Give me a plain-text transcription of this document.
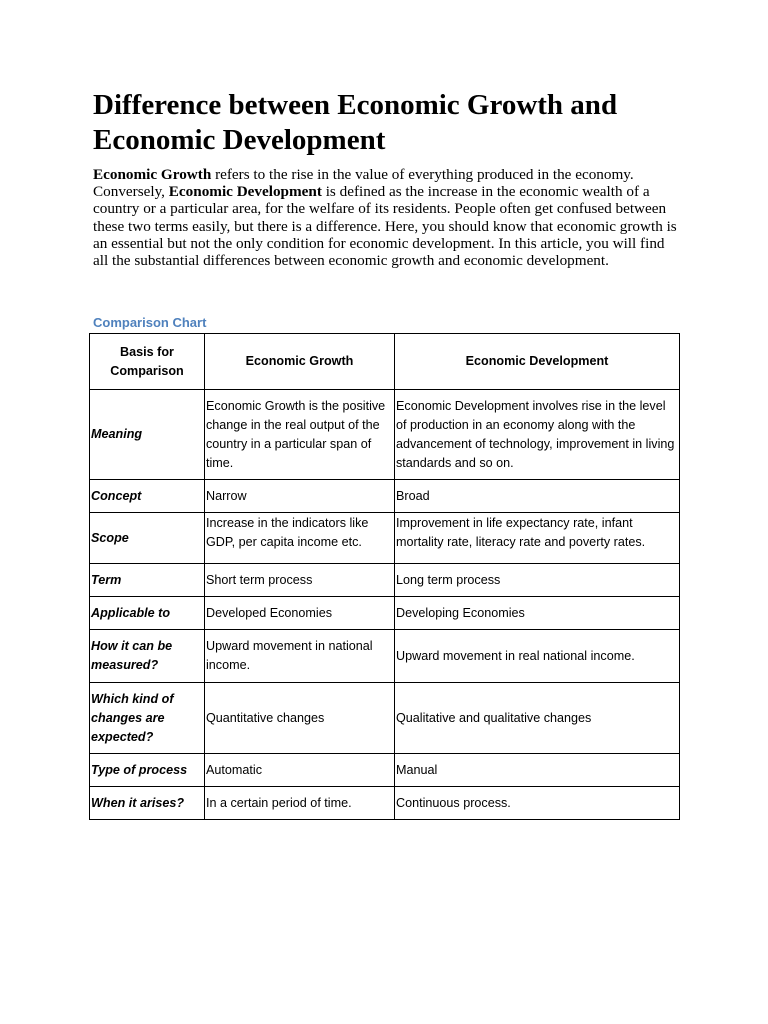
Difference between Economic Growth and Economic Development

Economic Growth refers to the rise in the value of everything produced in the economy. Conversely, Economic Development is defined as the increase in the economic wealth of a country or a particular area, for the welfare of its residents. People often get confused between these two terms easily, but there is a difference. Here, you should know that economic growth is an essential but not the only condition for economic development. In this article, you will find all the substantial differences between economic growth and economic development.

Comparison Chart
Basis for Comparison	Economic Growth	Economic Development
Meaning	Economic Growth is the positive change in the real output of the country in a particular span of time.	Economic Development involves rise in the level of production in an economy along with the advancement of technology, improvement in living standards and so on.
Concept	Narrow	Broad
Scope	Increase in the indicators like GDP, per capita income etc.	Improvement in life expectancy rate, infant mortality rate, literacy rate and poverty rates.
Term	Short term process	Long term process
Applicable to	Developed Economies	Developing Economies
How it can be measured?	Upward movement in national income.	Upward movement in real national income.
Which kind of changes are expected?	Quantitative changes	Qualitative and qualitative changes
Type of process	Automatic	Manual
When it arises?	In a certain period of time.	Continuous process.
